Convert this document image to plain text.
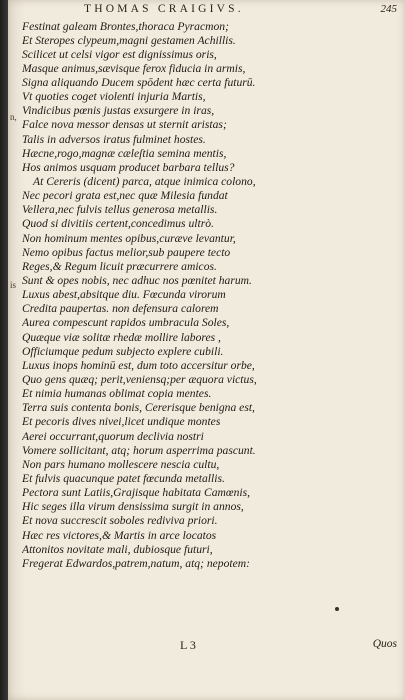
n,
is
THOMAS CRAIGIVS.	245
Festinat galeam Brontes,thoraca Pyracmon;
Et Steropes clypeum,magni gestamen Achillis.
Scilicet ut celsi vigor est dignissimus oris,
Masque animus,sævisque ferox fiducia in armis,
Signa aliquando Ducem spōdent hæc certa futurū.
Vt quoties coget violenti injuria Martis,
Vindicibus pœnis justas exsurgere in iras,
Falce nova messor densas ut sternit aristas;
Talis in adversos iratus fulminet hostes.
Hæcne,rogo,magnæ cæleſtia semina mentis,
Hos animos usquam producet barbara tellus?
At Cereris (dicent) parca, atque inimica colono,
Nec pecori grata est,nec quæ Milesia fundat
Vellera,nec fulvis tellus generosa metallis.
Quod si divitiis certent,concedimus ultrò.
Non hominum mentes opibus,curæve levantur,
Nemo opibus factus melior,sub paupere tecto
Reges,& Regum licuit præcurrere amicos.
Sunt & opes nobis, nec adhuc nos pœnitet harum.
Luxus abest,absitque diu. Fœcunda virorum
Credita paupertas. non defensura calorem
Aurea compescunt rapidos umbracula Soles,
Quæque viæ solitæ rhedæ mollire labores ,
Officiumque pedum subjecto explere cubili.
Luxus inops hominū est, dum toto accersitur orbe,
Quo gens quæq; perit,veniensq;per æquora victus,
Et nimia humanas oblimat copia mentes.
Terra suis contenta bonis, Cererisque benigna est,
Et pecoris dives nivei,licet undique montes
Aerei occurrant,quorum declivia nostri
Vomere sollicitant, atq; horum asperrima pascunt.
Non pars humano mollescere nescia cultu,
Et fulvis quacunque patet fœcunda metallis.
Pectora sunt Latiis,Grajisque habitata Camœnis,
Hic seges illa virum densissima surgit in annos,
Et nova succrescit soboles rediviva priori.
Hæc res victores,& Martis in arce locatos
Attonitos novitate mali, dubiosque futuri,
Fregerat Edwardos,patrem,natum, atq; nepotem:
L 3	Quos
